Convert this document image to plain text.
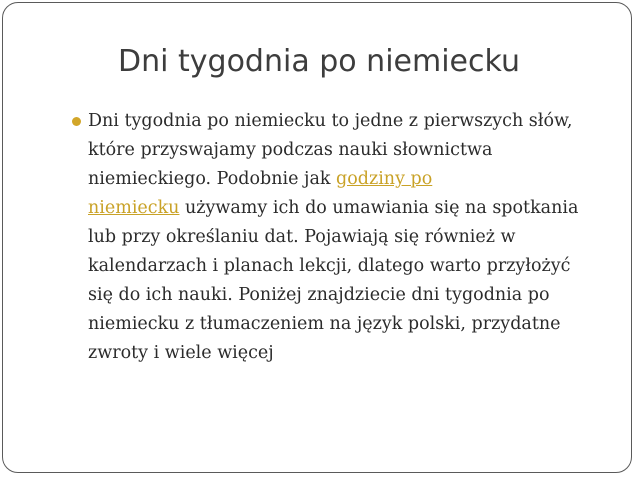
Dni tygodnia po niemiecku
Dni tygodnia po niemiecku to jedne z pierwszych słów,
które przyswajamy podczas nauki słownictwa
niemieckiego. Podobnie jak godziny po
niemiecku używamy ich do umawiania się na spotkania
lub przy określaniu dat. Pojawiają się również w
kalendarzach i planach lekcji, dlatego warto przyłożyć
się do ich nauki. Poniżej znajdziecie dni tygodnia po
niemiecku z tłumaczeniem na język polski, przydatne
zwroty i wiele więcej
